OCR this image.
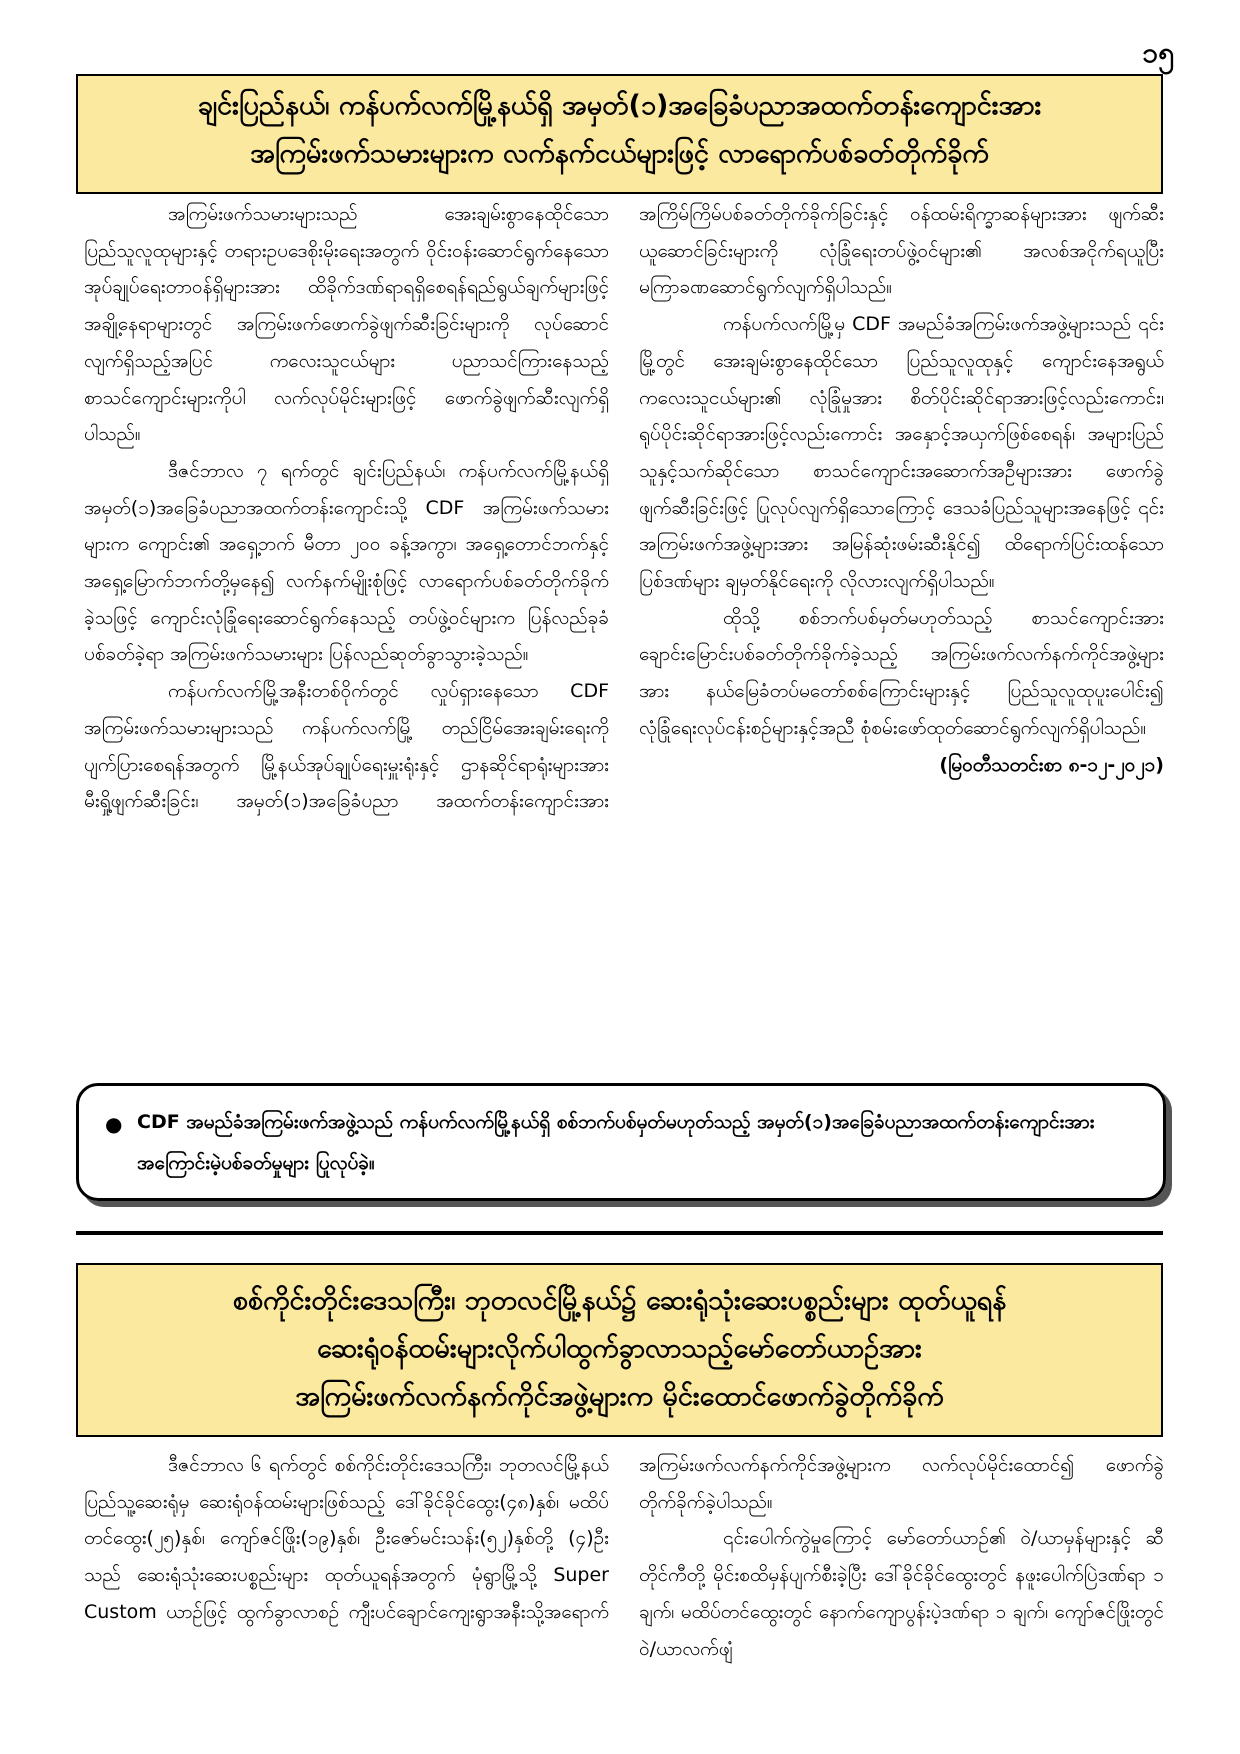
၁၅
ချင်းပြည်နယ်၊ ကန်ပက်လက်မြို့နယ်ရှိ အမှတ်(၁)အခြေခံပညာအထက်တန်းကျောင်းအား
အကြမ်းဖက်သမားများက လက်နက်ငယ်များဖြင့် လာရောက်ပစ်ခတ်တိုက်ခိုက်

အကြမ်းဖက်သမားများသည် အေးချမ်းစွာနေထိုင်သော ပြည်သူလူထုများနှင့် တရားဥပဒေစိုးမိုးရေးအတွက် ဝိုင်းဝန်းဆောင်ရွက်နေသော အုပ်ချုပ်ရေးတာဝန်ရှိများအား ထိခိုက်ဒဏ်ရာရရှိစေရန်ရည်ရွယ်ချက်များဖြင့် အချို့နေရာများတွင် အကြမ်းဖက်ဖောက်ခွဲဖျက်ဆီးခြင်းများကို လုပ်ဆောင်လျက်ရှိသည့်အပြင် ကလေးသူငယ်များ ပညာသင်ကြားနေသည့် စာသင်ကျောင်းများကိုပါ လက်လုပ်မိုင်းများဖြင့် ဖောက်ခွဲဖျက်ဆီးလျက်ရှိပါသည်။

ဒီဇင်ဘာလ ၇ ရက်တွင် ချင်းပြည်နယ်၊ ကန်ပက်လက်မြို့နယ်ရှိ အမှတ်(၁)အခြေခံပညာအထက်တန်းကျောင်းသို့ CDF အကြမ်းဖက်သမားများက ကျောင်း၏ အရှေ့ဘက် မီတာ ၂၀၀ ခန့်အကွာ၊ အရှေ့တောင်ဘက်နှင့် အရှေ့မြောက်ဘက်တို့မှနေ၍ လက်နက်မျိုးစုံဖြင့် လာရောက်ပစ်ခတ်တိုက်ခိုက်ခဲ့သဖြင့် ကျောင်းလုံခြုံရေးဆောင်ရွက်နေသည့် တပ်ဖွဲ့ဝင်များက ပြန်လည်ခုခံပစ်ခတ်ခဲ့ရာ အကြမ်းဖက်သမားများ ပြန်လည်ဆုတ်ခွာသွားခဲ့သည်။

ကန်ပက်လက်မြို့အနီးတစ်ဝိုက်တွင် လှုပ်ရှားနေသော CDF အကြမ်းဖက်သမားများသည် ကန်ပက်လက်မြို့ တည်ငြိမ်အေးချမ်းရေးကို ပျက်ပြားစေရန်အတွက် မြို့နယ်အုပ်ချုပ်ရေးမှူးရုံးနှင့် ဌာနဆိုင်ရာရုံးများအား မီးရှို့ဖျက်ဆီးခြင်း၊ အမှတ်(၁)အခြေခံပညာ အထက်တန်းကျောင်းအား အကြိမ်ကြိမ်ပစ်ခတ်တိုက်ခိုက်ခြင်းနှင့် ဝန်ထမ်းရိက္ခာဆန်များအား ဖျက်ဆီးယူဆောင်ခြင်းများကို လုံခြုံရေးတပ်ဖွဲ့ဝင်များ၏ အလစ်အငိုက်ရယူပြီး မကြာခဏဆောင်ရွက်လျက်ရှိပါသည်။

ကန်ပက်လက်မြို့မှ CDF အမည်ခံအကြမ်းဖက်အဖွဲ့များသည် ၎င်းမြို့တွင် အေးချမ်းစွာနေထိုင်သော ပြည်သူလူထုနှင့် ကျောင်းနေအရွယ်ကလေးသူငယ်များ၏ လုံခြုံမှုအား စိတ်ပိုင်းဆိုင်ရာအားဖြင့်လည်းကောင်း၊ ရုပ်ပိုင်းဆိုင်ရာအားဖြင့်လည်းကောင်း အနှောင့်အယှက်ဖြစ်စေရန်၊ အများပြည်သူနှင့်သက်ဆိုင်သော စာသင်ကျောင်းအဆောက်အဦများအား ဖောက်ခွဲဖျက်ဆီးခြင်းဖြင့် ပြုလုပ်လျက်ရှိသောကြောင့် ဒေသခံပြည်သူများအနေဖြင့် ၎င်းအကြမ်းဖက်အဖွဲ့များအား အမြန်ဆုံးဖမ်းဆီးနိုင်၍ ထိရောက်ပြင်းထန်သောပြစ်ဒဏ်များ ချမှတ်နိုင်ရေးကို လိုလားလျက်ရှိပါသည်။

ထိုသို့ စစ်ဘက်ပစ်မှတ်မဟုတ်သည့် စာသင်ကျောင်းအား ချောင်းမြောင်းပစ်ခတ်တိုက်ခိုက်ခဲ့သည့် အကြမ်းဖက်လက်နက်ကိုင်အဖွဲ့များအား နယ်မြေခံတပ်မတော်စစ်ကြောင်းများနှင့် ပြည်သူလူထုပူးပေါင်း၍ လုံခြုံရေးလုပ်ငန်းစဉ်များနှင့်အညီ စုံစမ်းဖော်ထုတ်ဆောင်ရွက်လျက်ရှိပါသည်။

(မြဝတီသတင်းစာ ၈-၁၂-၂၀၂၁)

● CDF အမည်ခံအကြမ်းဖက်အဖွဲ့သည် ကန်ပက်လက်မြို့နယ်ရှိ စစ်ဘက်ပစ်မှတ်မဟုတ်သည့် အမှတ်(၁)အခြေခံပညာအထက်တန်းကျောင်းအား အကြောင်းမဲ့ပစ်ခတ်မှုများ ပြုလုပ်ခဲ့။
စစ်ကိုင်းတိုင်းဒေသကြီး၊ ဘုတလင်မြို့နယ်၌ ဆေးရုံသုံးဆေးပစ္စည်းများ ထုတ်ယူရန်
ဆေးရုံဝန်ထမ်းများလိုက်ပါထွက်ခွာလာသည့်မော်တော်ယာဉ်အား
အကြမ်းဖက်လက်နက်ကိုင်အဖွဲ့များက မိုင်းထောင်ဖောက်ခွဲတိုက်ခိုက်

ဒီဇင်ဘာလ ၆ ရက်တွင် စစ်ကိုင်းတိုင်းဒေသကြီး၊ ဘုတလင်မြို့နယ်ပြည်သူ့ဆေးရုံမှ ဆေးရုံဝန်ထမ်းများဖြစ်သည့် ဒေါ်ခိုင်ခိုင်ထွေး(၄၈)နှစ်၊ မထိပ်တင်ထွေး(၂၅)နှစ်၊ ကျော်ဇင်ဖြိုး(၁၉)နှစ်၊ ဦးဇော်မင်းသန်း(၅၂)နှစ်တို့ (၄)ဦးသည် ဆေးရုံသုံးဆေးပစ္စည်းများ ထုတ်ယူရန်အတွက် မုံရွာမြို့သို့ Super Custom ယာဉ်ဖြင့် ထွက်ခွာလာစဉ် ကျီးပင်ချောင်ကျေးရွာအနီးသို့အရောက် အကြမ်းဖက်လက်နက်ကိုင်အဖွဲ့များက လက်လုပ်မိုင်းထောင်၍ ဖောက်ခွဲတိုက်ခိုက်ခဲ့ပါသည်။

၎င်းပေါက်ကွဲမှုကြောင့် မော်တော်ယာဉ်၏ ဝဲ/ယာမှန်များနှင့် ဆီတိုင်ကီတို့ မိုင်းစထိမှန်ပျက်စီးခဲ့ပြီး ဒေါ်ခိုင်ခိုင်ထွေးတွင် နဖူးပေါက်ပြဲဒဏ်ရာ ၁ ချက်၊ မထိပ်တင်ထွေးတွင် နောက်ကျောပွန်းပဲ့ဒဏ်ရာ ၁ ချက်၊ ကျော်ဇင်ဖြိုးတွင် ဝဲ/ယာလက်ဖျံ
